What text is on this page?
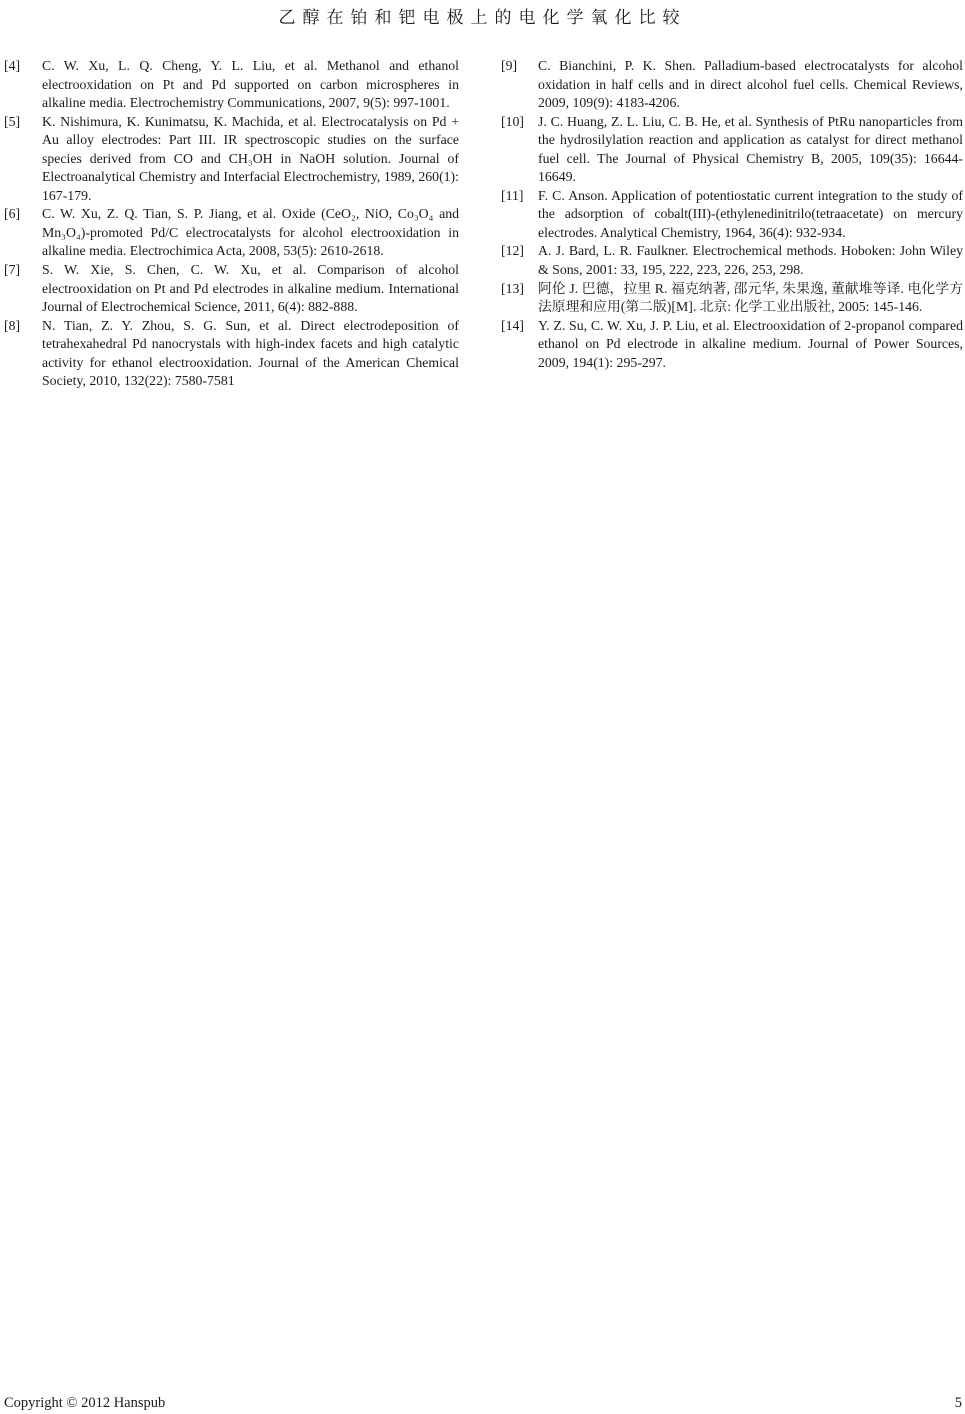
乙醇在铂和钯电极上的电化学氧化比较
[4] C. W. Xu, L. Q. Cheng, Y. L. Liu, et al. Methanol and ethanol electrooxidation on Pt and Pd supported on carbon microspheres in alkaline media. Electrochemistry Communications, 2007, 9(5): 997-1001.
[5] K. Nishimura, K. Kunimatsu, K. Machida, et al. Electrocatalysis on Pd + Au alloy electrodes: Part III. IR spectroscopic studies on the surface species derived from CO and CH₃OH in NaOH solution. Journal of Electroanalytical Chemistry and Interfacial Electrochemistry, 1989, 260(1): 167-179.
[6] C. W. Xu, Z. Q. Tian, S. P. Jiang, et al. Oxide (CeO₂, NiO, Co₃O₄ and Mn₃O₄)-promoted Pd/C electrocatalysts for alcohol electrooxidation in alkaline media. Electrochimica Acta, 2008, 53(5): 2610-2618.
[7] S. W. Xie, S. Chen, C. W. Xu, et al. Comparison of alcohol electrooxidation on Pt and Pd electrodes in alkaline medium. International Journal of Electrochemical Science, 2011, 6(4): 882-888.
[8] N. Tian, Z. Y. Zhou, S. G. Sun, et al. Direct electrodeposition of tetrahexahedral Pd nanocrystals with high-index facets and high catalytic activity for ethanol electrooxidation. Journal of the American Chemical Society, 2010, 132(22): 7580-7581
[9] C. Bianchini, P. K. Shen. Palladium-based electrocatalysts for alcohol oxidation in half cells and in direct alcohol fuel cells. Chemical Reviews, 2009, 109(9): 4183-4206.
[10] J. C. Huang, Z. L. Liu, C. B. He, et al. Synthesis of PtRu nanoparticles from the hydrosilylation reaction and application as catalyst for direct methanol fuel cell. The Journal of Physical Chemistry B, 2005, 109(35): 16644-16649.
[11] F. C. Anson. Application of potentiostatic current integration to the study of the adsorption of cobalt(III)-(ethylenedinitrilo(tetraacetate) on mercury electrodes. Analytical Chemistry, 1964, 36(4): 932-934.
[12] A. J. Bard, L. R. Faulkner. Electrochemical methods. Hoboken: John Wiley & Sons, 2001: 33, 195, 222, 223, 226, 253, 298.
[13] 阿伦 J. 巴德，拉里 R. 福克纳著, 邵元华, 朱果逸, 董献堆等译. 电化学方法原理和应用(第二版)[M]. 北京: 化学工业出版社, 2005: 145-146.
[14] Y. Z. Su, C. W. Xu, J. P. Liu, et al. Electrooxidation of 2-propanol compared ethanol on Pd electrode in alkaline medium. Journal of Power Sources, 2009, 194(1): 295-297.
Copyright © 2012 Hanspub	5
